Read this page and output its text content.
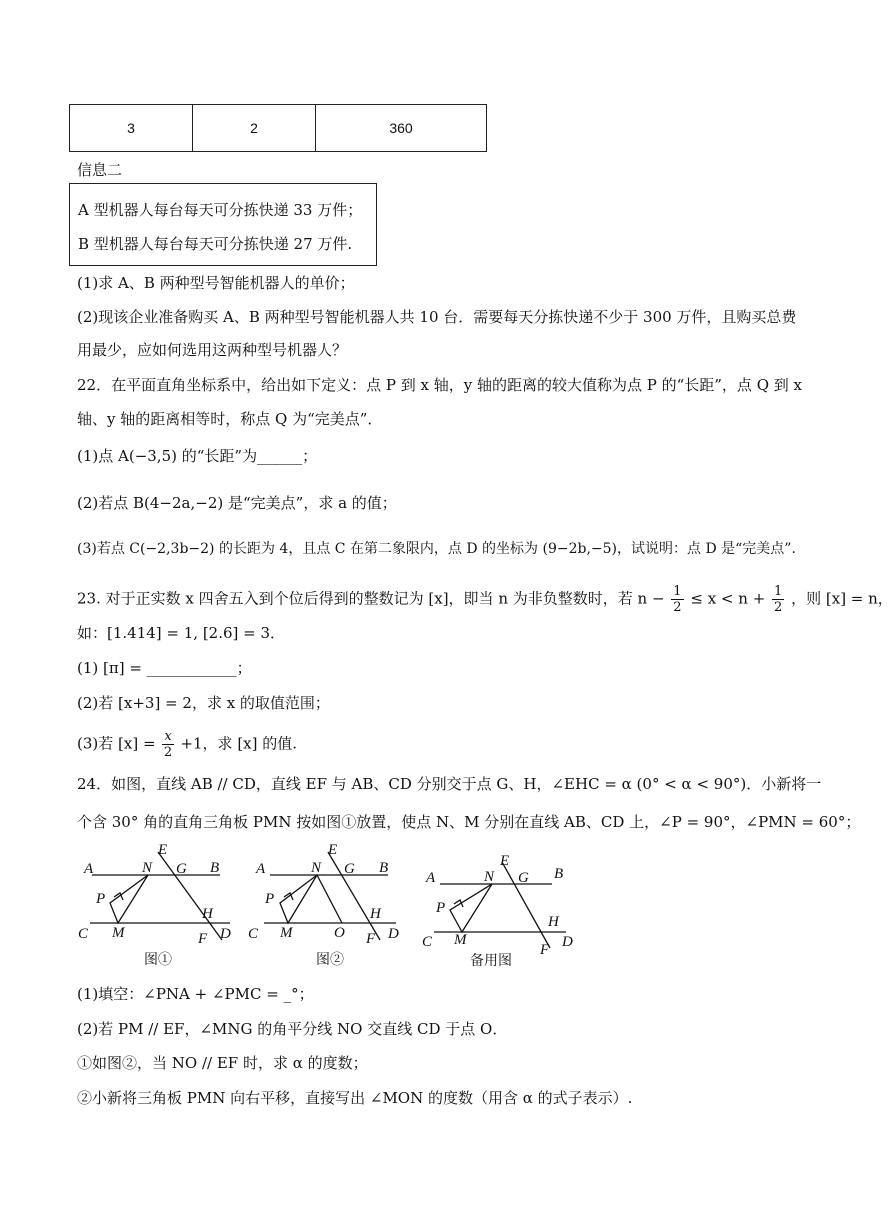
3	2	360
信息二
A 型机器人每台每天可分拣快递 33 万件；
B 型机器人每台每天可分拣快递 27 万件.
(1)求 A、B 两种型号智能机器人的单价；
(2)现该企业准备购买 A、B 两种型号智能机器人共 10 台．需要每天分拣快递不少于 300 万件，且购买总费
用最少，应如何选用这两种型号机器人？
22．在平面直角坐标系中，给出如下定义：点 P 到 x 轴，y 轴的距离的较大值称为点 P 的“长距”，点 Q 到 x
轴、y 轴的距离相等时，称点 Q 为“完美点”．
(1)点 A(−3,5) 的“长距”为______；
(2)若点 B(4−2a,−2) 是“完美点”，求 a 的值；
(3)若点 C(−2,3b−2) 的长距为 4，且点 C 在第二象限内，点 D 的坐标为 (9−2b,−5)，试说明：点 D 是“完美点”.
23. 对于正实数 x 四舍五入到个位后得到的整数记为 [x]，即当 n 为非负整数时，若 $n - \frac{1}{2} \le x < n + \frac{1}{2}$ ，则 [x] = n，
如：[1.414] = 1, [2.6] = 3．
(1) [π] = ____________；
(2)若 [x+3] = 2，求 x 的取值范围；
(3)若 $[x] = \frac{x}{2} +1$，求 [x] 的值.
24．如图，直线 AB // CD，直线 EF 与 AB、CD 分别交于点 G、H，∠EHC = α (0° < α < 90°)．小新将一
个含 30° 角的直角三角板 PMN 按如图①放置，使点 N、M 分别在直线 AB、CD 上，∠P = 90°，∠PMN = 60°；
A	N
E
G B
P
H
C M	F D
A	N
E
G B
P
H
C M	O F D
A	N
E
G B
P
H
C M
F D
图①	图②	备用图
(1)填空：∠PNA + ∠PMC = _°；
(2)若 PM // EF，∠MNG 的角平分线 NO 交直线 CD 于点 O．
①如图②，当 NO // EF 时，求 α 的度数；
②小新将三角板 PMN 向右平移，直接写出 ∠MON 的度数（用含 α 的式子表示）.
